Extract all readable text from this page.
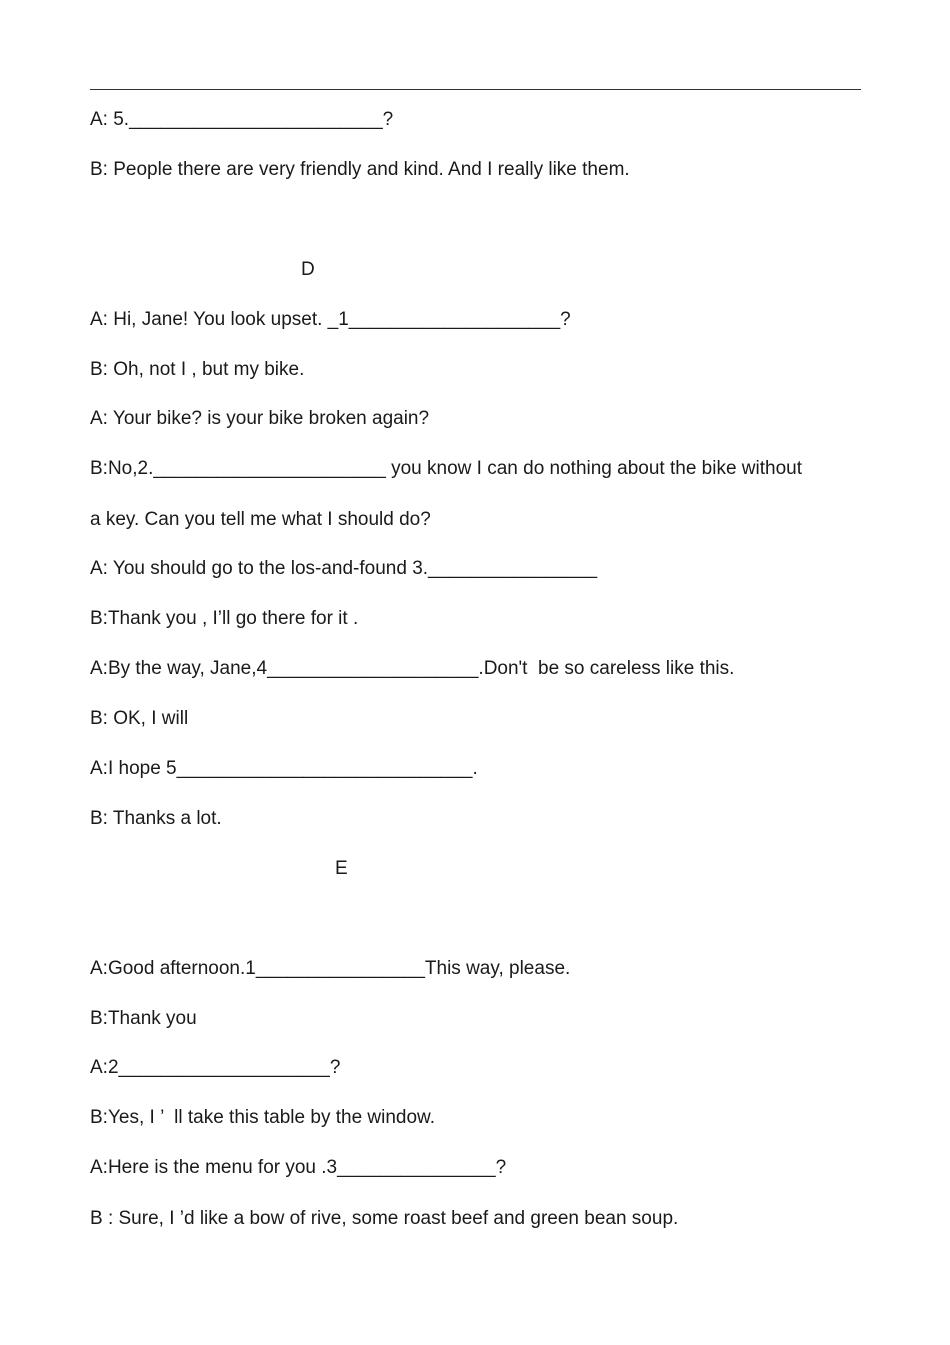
A: 5.________________________?
B: People there are very friendly and kind. And I really like them.
D
A: Hi, Jane! You look upset. _1____________________?
B: Oh, not I , but my bike.
A: Your bike? is your bike broken again?
B:No,2.______________________ you know I can do nothing about the bike without
a key. Can you tell me what I should do?
A: You should go to the los-and-found 3.________________
B:Thank you , I’ll go there for it .
A:By the way, Jane,4____________________.Don't  be so careless like this.
B: OK, I will
A:I hope 5____________________________.
B: Thanks a lot.
E
A:Good afternoon.1________________This way, please.
B:Thank you
A:2____________________?
B:Yes, I ’  ll take this table by the window.
A:Here is the menu for you .3_______________?
B : Sure, I ’d like a bow of rive, some roast beef and green bean soup.
